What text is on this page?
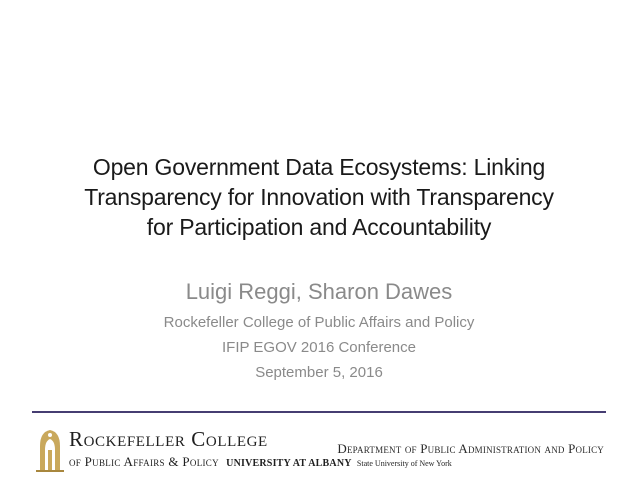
Open Government Data Ecosystems: Linking
Transparency for Innovation with Transparency
for Participation and Accountability
Luigi Reggi, Sharon Dawes
Rockefeller College of Public Affairs and Policy
IFIP EGOV 2016 Conference
September 5, 2016
Rockefeller College
of Public Affairs & Policy UNIVERSITY AT ALBANY State University of New York
Department of Public Administration and Policy
